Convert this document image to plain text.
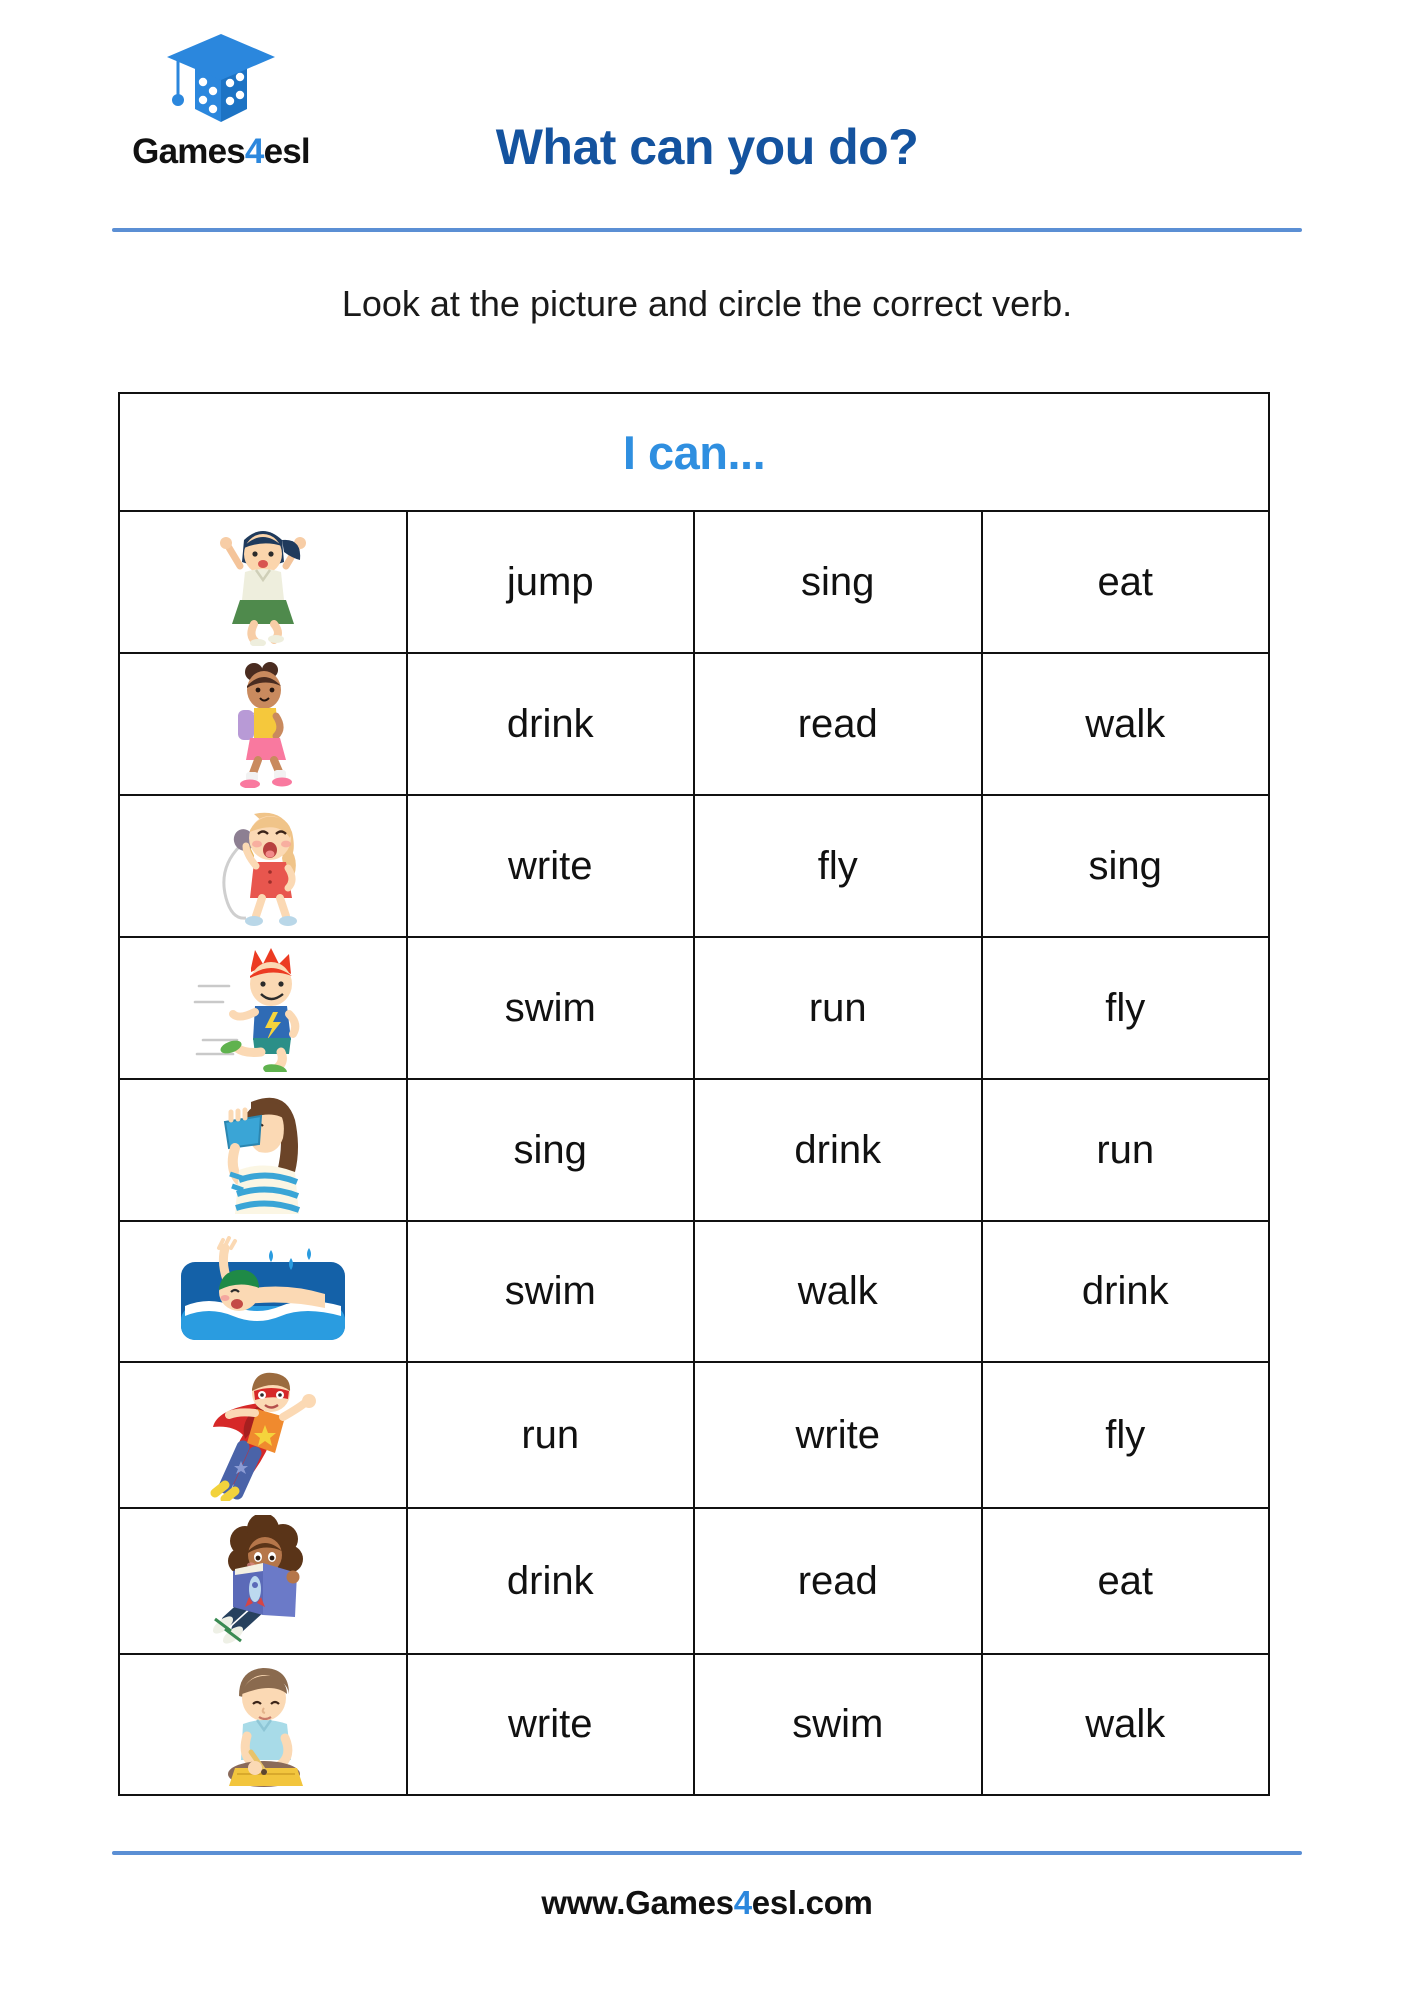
Games4esl	What can you do?
Look at the picture and circle the correct verb.
I can...			

	jump	sing	eat

	drink	read	walk

	write	fly	sing

	swim	run	fly

	sing	drink	run

	swim	walk	drink

	run	write	fly

	drink	read	eat

	write	swim	walk
www.Games4esl.com
